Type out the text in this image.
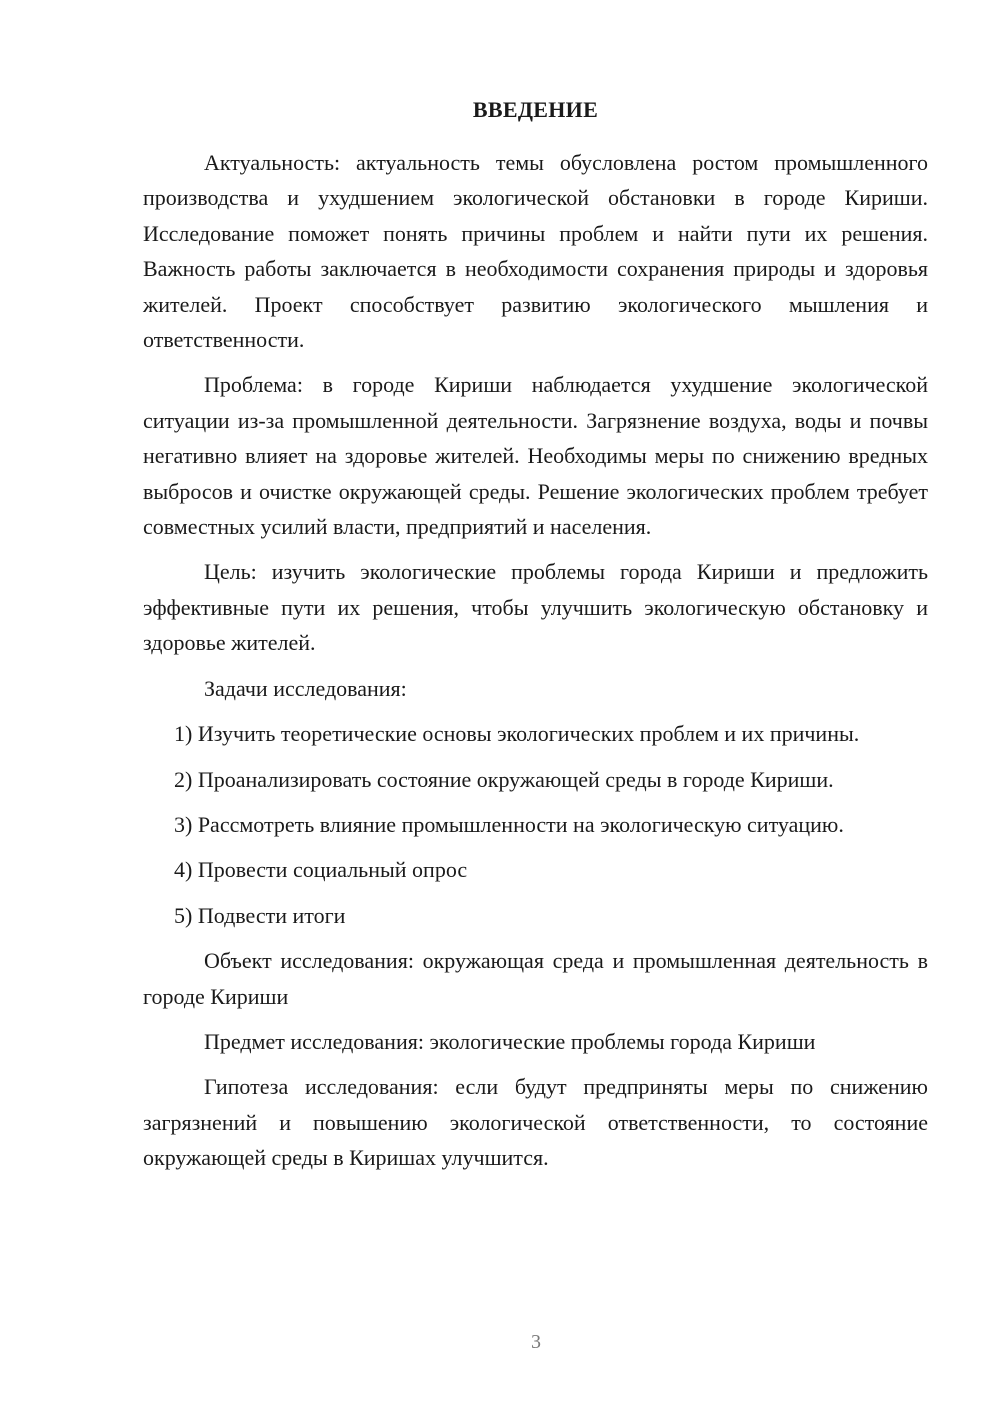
ВВЕДЕНИЕ

Актуальность: актуальность темы обусловлена ростом промышленного производства и ухудшением экологической обстановки в городе Кириши. Исследование поможет понять причины проблем и найти пути их решения. Важность работы заключается в необходимости сохранения природы и здоровья жителей. Проект способствует развитию экологического мышления и ответственности.

Проблема: в городе Кириши наблюдается ухудшение экологической ситуации из-за промышленной деятельности. Загрязнение воздуха, воды и почвы негативно влияет на здоровье жителей. Необходимы меры по снижению вредных выбросов и очистке окружающей среды. Решение экологических проблем требует совместных усилий власти, предприятий и населения.

Цель: изучить экологические проблемы города Кириши и предложить эффективные пути их решения, чтобы улучшить экологическую обстановку и здоровье жителей.

Задачи исследования:

1) Изучить теоретические основы экологических проблем и их причины.

2) Проанализировать состояние окружающей среды в городе Кириши.

3) Рассмотреть влияние промышленности на экологическую ситуацию.

4) Провести социальный опрос

5) Подвести итоги

Объект исследования: окружающая среда и промышленная деятельность в городе Кириши

Предмет исследования: экологические проблемы города Кириши

Гипотеза исследования: если будут предприняты меры по снижению загрязнений и повышению экологической ответственности, то состояние окружающей среды в Киришах улучшится.

3
